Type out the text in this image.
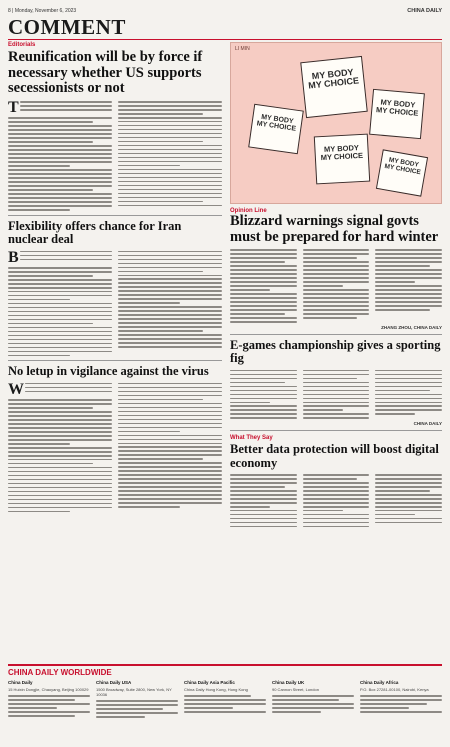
8 | Monday, November 6, 2023	CHINA DAILY
COMMENT
Editorials
Reunification will be by force if necessary whether US supports secessionists or not
T
Flexibility offers chance for Iran nuclear deal
B
No letup in vigilance against the virus
W
LI MIN
MY BODY MY CHOICE
MY BODY MY CHOICE
MY BODY MY CHOICE
MY BODY MY CHOICE
MY BODY MY CHOICE
Opinion Line
Blizzard warnings signal govts must be prepared for hard winter
ZHANG ZHOU, CHINA DAILY
E-games championship gives a sporting fig
CHINA DAILY
What They Say
Better data protection will boost digital economy
CHINA DAILY WORLDWIDE
China Daily
15 Huixin Dongjie, Chaoyang, Beijing 100029
China Daily USA
1500 Broadway, Suite 2800, New York, NY 10036
China Daily Asia Pacific
China Daily Hong Kong, Hong Kong
China Daily UK
90 Cannon Street, London
China Daily Africa
P.O. Box 27281-00100, Nairobi, Kenya
